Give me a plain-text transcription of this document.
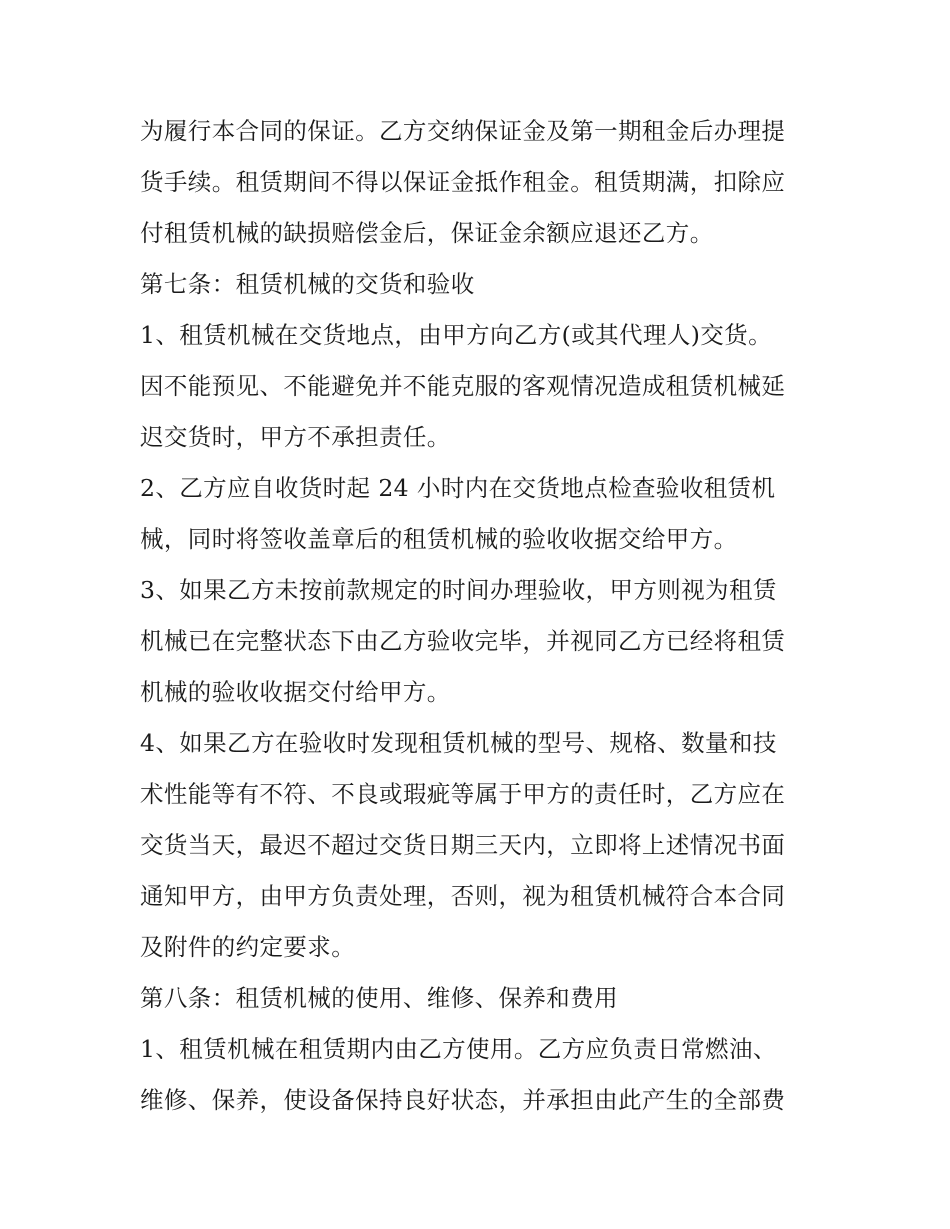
为履行本合同的保证。乙方交纳保证金及第一期租金后办理提
货手续。租赁期间不得以保证金抵作租金。租赁期满，扣除应
付租赁机械的缺损赔偿金后，保证金余额应退还乙方。
第七条：租赁机械的交货和验收
1、租赁机械在交货地点，由甲方向乙方(或其代理人)交货。
因不能预见、不能避免并不能克服的客观情况造成租赁机械延
迟交货时，甲方不承担责任。
2、乙方应自收货时起 24 小时内在交货地点检查验收租赁机
械，同时将签收盖章后的租赁机械的验收收据交给甲方。
3、如果乙方未按前款规定的时间办理验收，甲方则视为租赁
机械已在完整状态下由乙方验收完毕，并视同乙方已经将租赁
机械的验收收据交付给甲方。
4、如果乙方在验收时发现租赁机械的型号、规格、数量和技
术性能等有不符、不良或瑕疵等属于甲方的责任时，乙方应在
交货当天，最迟不超过交货日期三天内，立即将上述情况书面
通知甲方，由甲方负责处理，否则，视为租赁机械符合本合同
及附件的约定要求。
第八条：租赁机械的使用、维修、保养和费用
1、租赁机械在租赁期内由乙方使用。乙方应负责日常燃油、
维修、保养，使设备保持良好状态，并承担由此产生的全部费
